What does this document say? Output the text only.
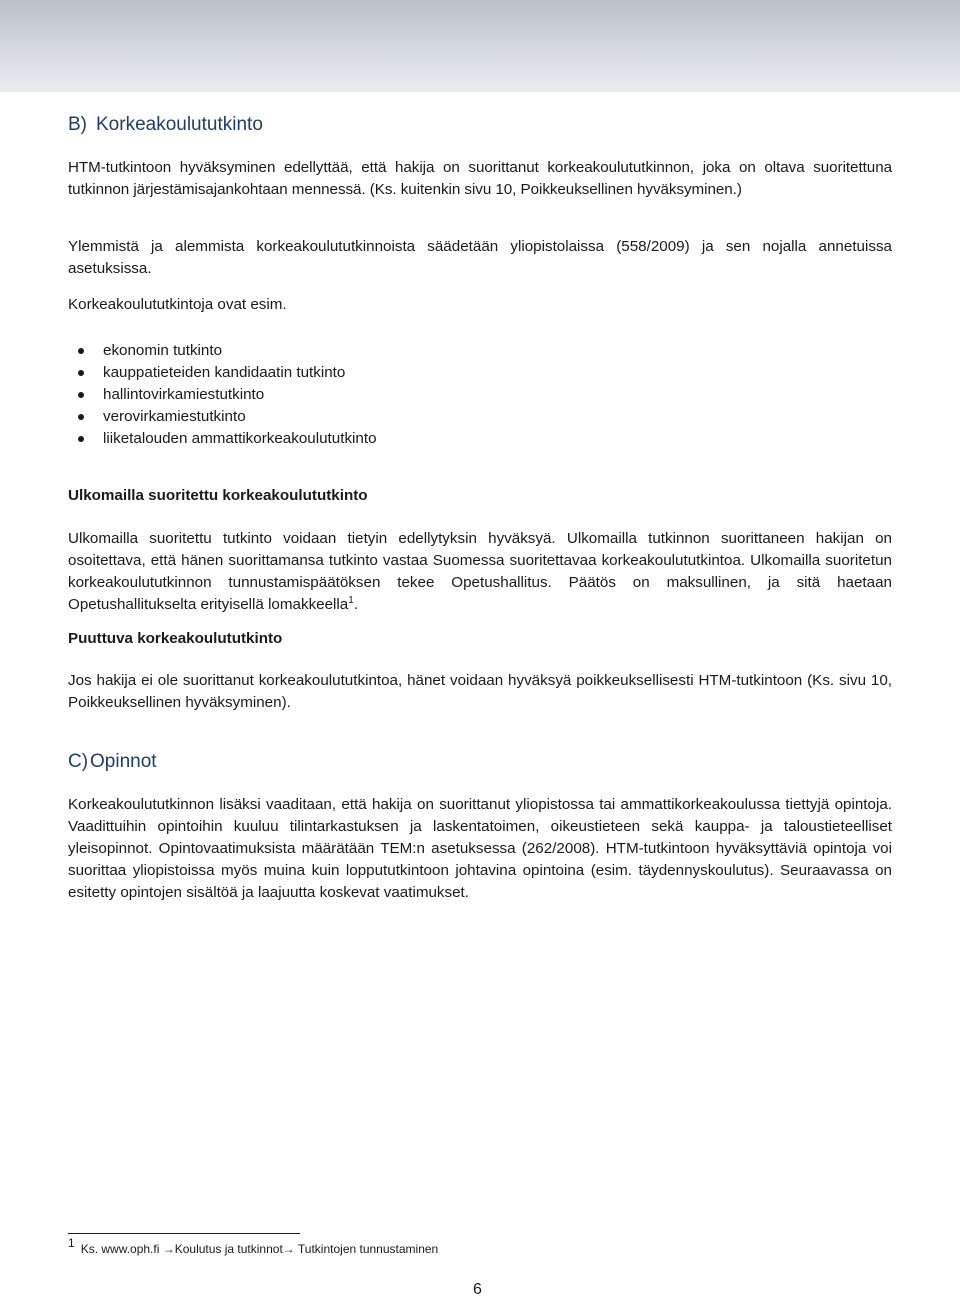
B) Korkeakoulututkinto

HTM-tutkintoon hyväksyminen edellyttää, että hakija on suorittanut korkeakoulututkinnon, joka on oltava suoritettuna tutkinnon järjestämisajankohtaan mennessä. (Ks. kuitenkin sivu 10, Poikkeuksellinen hyväksyminen.)

Ylemmistä ja alemmista korkeakoulututkinnoista säädetään yliopistolaissa (558/2009) ja sen nojalla annetuissa asetuksissa.

Korkeakoulututkintoja ovat esim.

ekonomin tutkinto
kauppatieteiden kandidaatin tutkinto
hallintovirkamiestutkinto
verovirkamiestutkinto
liiketalouden ammattikorkeakoulututkinto
Ulkomailla suoritettu korkeakoulututkinto

Ulkomailla suoritettu tutkinto voidaan tietyin edellytyksin hyväksyä. Ulkomailla tutkinnon suorittaneen hakijan on osoitettava, että hänen suorittamansa tutkinto vastaa Suomessa suoritettavaa korkeakoulututkintoa. Ulkomailla suoritetun korkeakoulututkinnon tunnustamispäätöksen tekee Opetushallitus. Päätös on maksullinen, ja sitä haetaan Opetushallitukselta erityisellä lomakkeella$^1$.

Puuttuva korkeakoulututkinto

Jos hakija ei ole suorittanut korkeakoulututkintoa, hänet voidaan hyväksyä poikkeuksellisesti HTM-tutkintoon (Ks. sivu 10, Poikkeuksellinen hyväksyminen).

C) Opinnot

Korkeakoulututkinnon lisäksi vaaditaan, että hakija on suorittanut yliopistossa tai ammattikorkeakoulussa tiettyjä opintoja. Vaadittuihin opintoihin kuuluu tilintarkastuksen ja laskentatoimen, oikeustieteen sekä kauppa- ja taloustieteelliset yleisopinnot. Opintovaatimuksista määrätään TEM:n asetuksessa (262/2008). HTM-tutkintoon hyväksyttäviä opintoja voi suorittaa yliopistoissa myös muina kuin loppututkintoon johtavina opintoina (esim. täydennyskoulutus). Seuraavassa on esitetty opintojen sisältöä ja laajuutta koskevat vaatimukset.

$^1$ Ks. www.oph.fi →Koulutus ja tutkinnot→ Tutkintojen tunnustaminen
6
